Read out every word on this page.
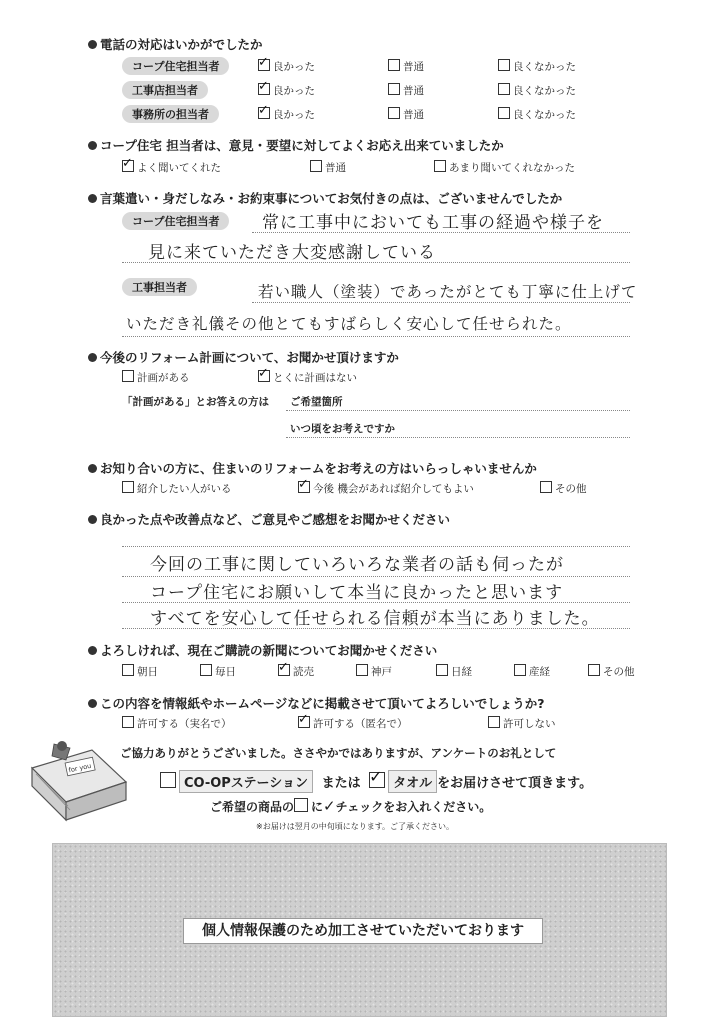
電話の対応はいかがでしたか
コープ住宅担当者 ✓	良かった	普通	良くなかった
工事店担当者 ✓	良かった	普通	良くなかった
事務所の担当者 ✓	良かった	普通	良くなかった
コープ住宅 担当者は、意見・要望に対してよくお応え出来ていましたか
✓よく聞いてくれた	普通	あまり聞いてくれなかった
言葉遣い・身だしなみ・お約束事についてお気付きの点は、ございませんでしたか
コープ住宅担当者	常に工事中においても工事の経過や様子を
見に来ていただき大変感謝している
工事担当者	若い職人（塗装）であったがとても丁寧に仕上げて
いただき礼儀その他とてもすばらしく安心して任せられた。
今後のリフォーム計画について、お聞かせ頂けますか
計画がある ✓	とくに計画はない
「計画がある」とお答えの方は ご希望箇所
いつ頃をお考えですか
お知り合いの方に、住まいのリフォームをお考えの方はいらっしゃいませんか
紹介したい人がいる ✓	今後 機会があれば紹介してもよい	その他
良かった点や改善点など、ご意見やご感想をお聞かせください
今回の工事に関していろいろな業者の話も伺ったが
コープ住宅にお願いして本当に良かったと思います
すべてを安心して任せられる信頼が本当にありました。
よろしければ、現在ご購読の新聞についてお聞かせください
朝日	毎日 ✓	読売	神戸	日経	産経	その他
この内容を情報紙やホームページなどに掲載させて頂いてよろしいでしょうか?
許可する（実名で） ✓	許可する（匿名で）	許可しない
for you
ご協力ありがとうございました。ささやかではありますが、アンケートのお礼として
CO-OPステーション または ✓	タオル をお届けさせて頂きます。
ご希望の商品の に✓チェックをお入れください。
※お届けは翌月の中旬頃になります。ご了承ください。
個人情報保護のため加工させていただいております
